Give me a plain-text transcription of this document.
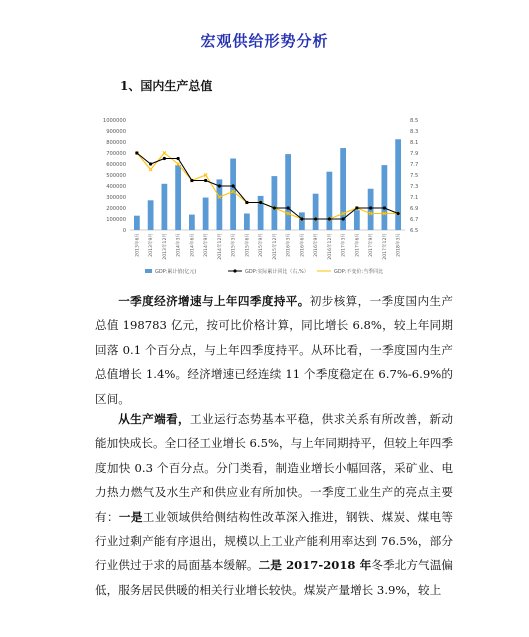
宏观供给形势分析
1、国内生产总值
0
100000
200000
300000
400000
500000
600000
700000
800000
900000
1000000
6.5
6.7
6.9
7.1
7.3
7.5
7.7
7.9
8.1
8.3
8.5
2013年6月	2013年9月	2013年12月	2014年3月	2014年6月	2014年9月	2014年12月	2015年3月	2015年6月	2015年9月	2015年12月	2016年3月	2016年6月	2016年9月	2016年12月	2017年3月	2017年6月	2017年9月	2017年12月	2018年3月
GDP:累计值(亿元)	GDP:实际累计同比（右,%）	GDP:不变价:当季同比

一季度经济增速与上年四季度持平。初步核算，一季度国内生产总值 198783 亿元，按可比价格计算，同比增长 6.8%，较上年同期回落 0.1 个百分点，与上年四季度持平。从环比看，一季度国内生产总值增长 1.4%。经济增速已经连续 11 个季度稳定在 6.7%-6.9%的区间。

从生产端看，工业运行态势基本平稳，供求关系有所改善，新动能加快成长。全口径工业增长 6.5%，与上年同期持平，但较上年四季度加快 0.3 个百分点。分门类看，制造业增长小幅回落，采矿业、电力热力燃气及水生产和供应业有所加快。一季度工业生产的亮点主要有：一是工业领域供给侧结构性改革深入推进，钢铁、煤炭、煤电等行业过剩产能有序退出，规模以上工业产能利用率达到 76.5%，部分行业供过于求的局面基本缓解。二是 2017-2018 年冬季北方气温偏低，服务居民供暖的相关行业增长较快。煤炭产量增长 3.9%，较上
